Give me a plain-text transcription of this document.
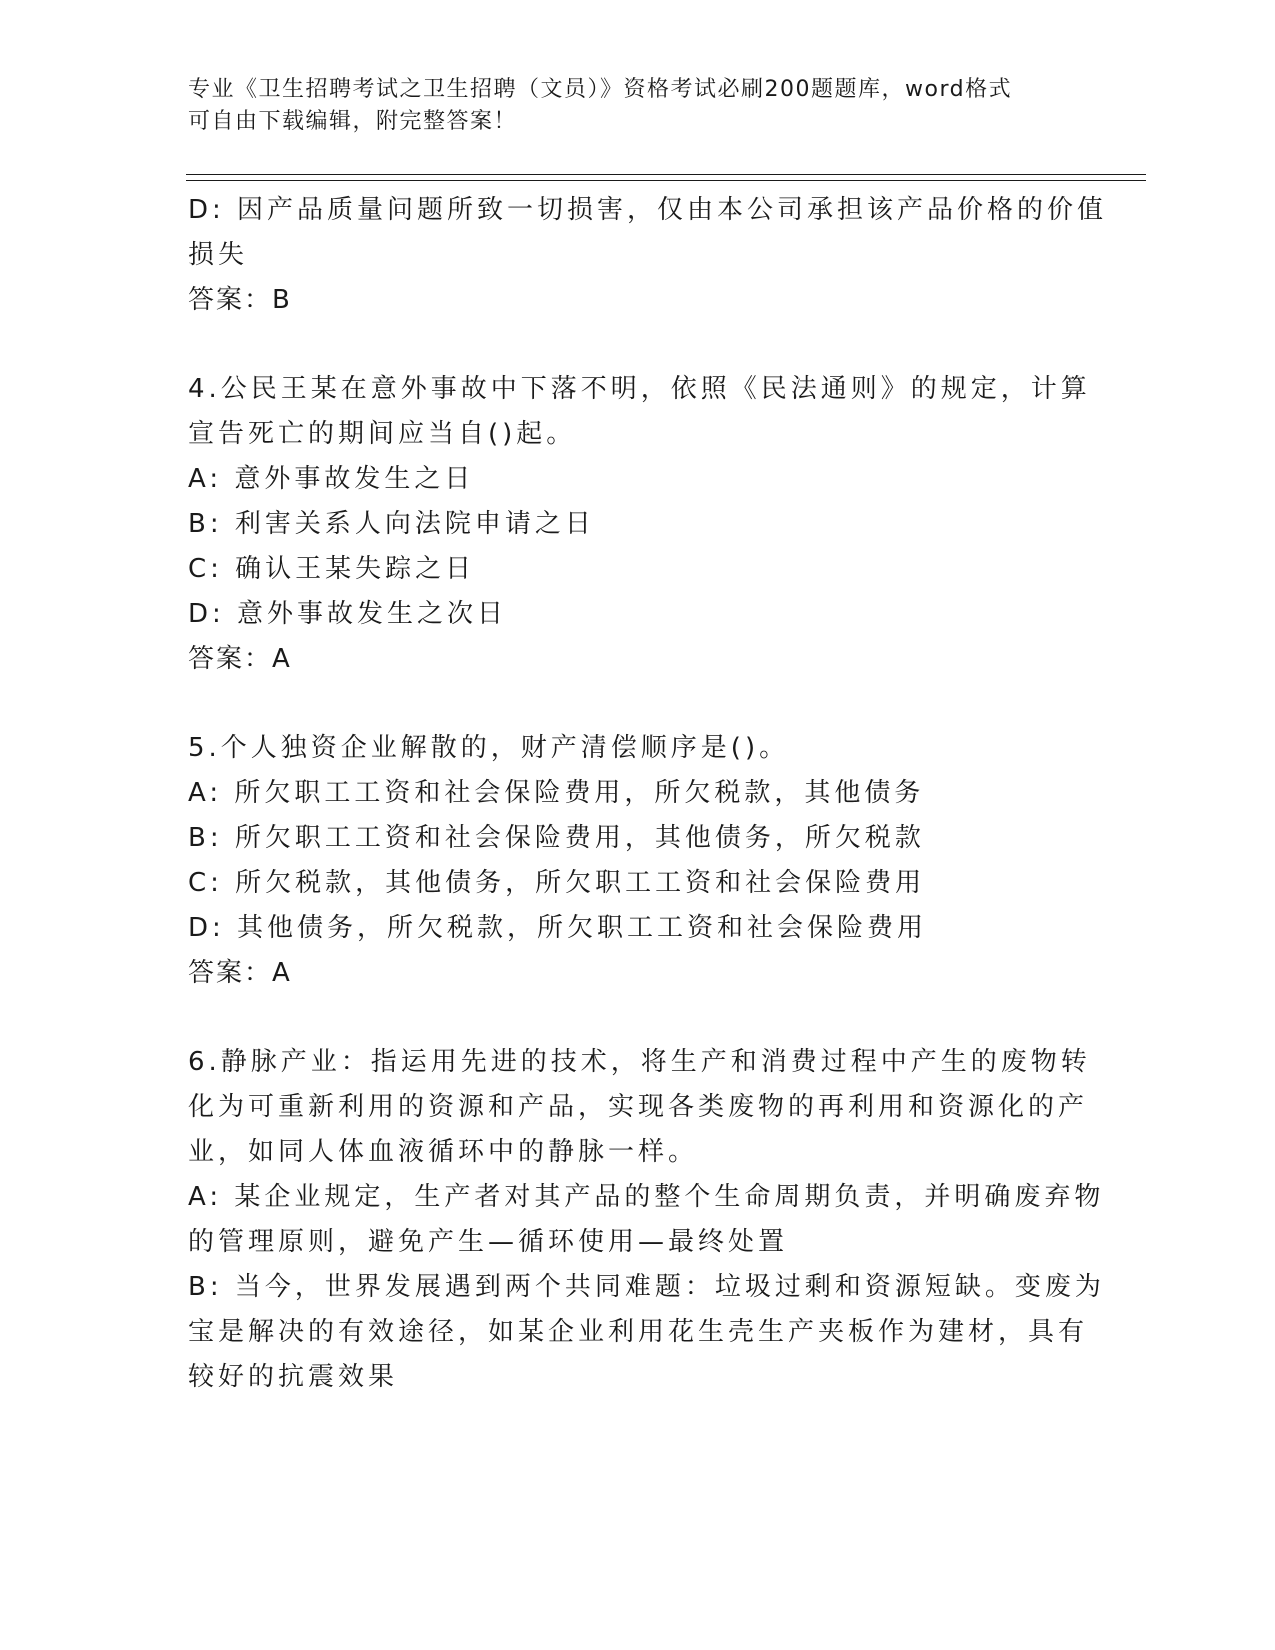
专业《卫生招聘考试之卫生招聘（文员）》资格考试必刷200题题库，word格式
可自由下载编辑，附完整答案！

D: 因产品质量问题所致一切损害，仅由本公司承担该产品价格的价值

损失

答案：B

4.公民王某在意外事故中下落不明，依照《民法通则》的规定，计算

宣告死亡的期间应当自()起。

A: 意外事故发生之日

B: 利害关系人向法院申请之日

C: 确认王某失踪之日

D: 意外事故发生之次日

答案：A

5.个人独资企业解散的，财产清偿顺序是()。

A: 所欠职工工资和社会保险费用，所欠税款，其他债务

B: 所欠职工工资和社会保险费用，其他债务，所欠税款

C: 所欠税款，其他债务，所欠职工工资和社会保险费用

D: 其他债务，所欠税款，所欠职工工资和社会保险费用

答案：A

6.静脉产业：指运用先进的技术，将生产和消费过程中产生的废物转

化为可重新利用的资源和产品，实现各类废物的再利用和资源化的产

业，如同人体血液循环中的静脉一样。

A: 某企业规定，生产者对其产品的整个生命周期负责，并明确废弃物

的管理原则，避免产生—循环使用—最终处置

B: 当今，世界发展遇到两个共同难题：垃圾过剩和资源短缺。变废为

宝是解决的有效途径，如某企业利用花生壳生产夹板作为建材，具有

较好的抗震效果
